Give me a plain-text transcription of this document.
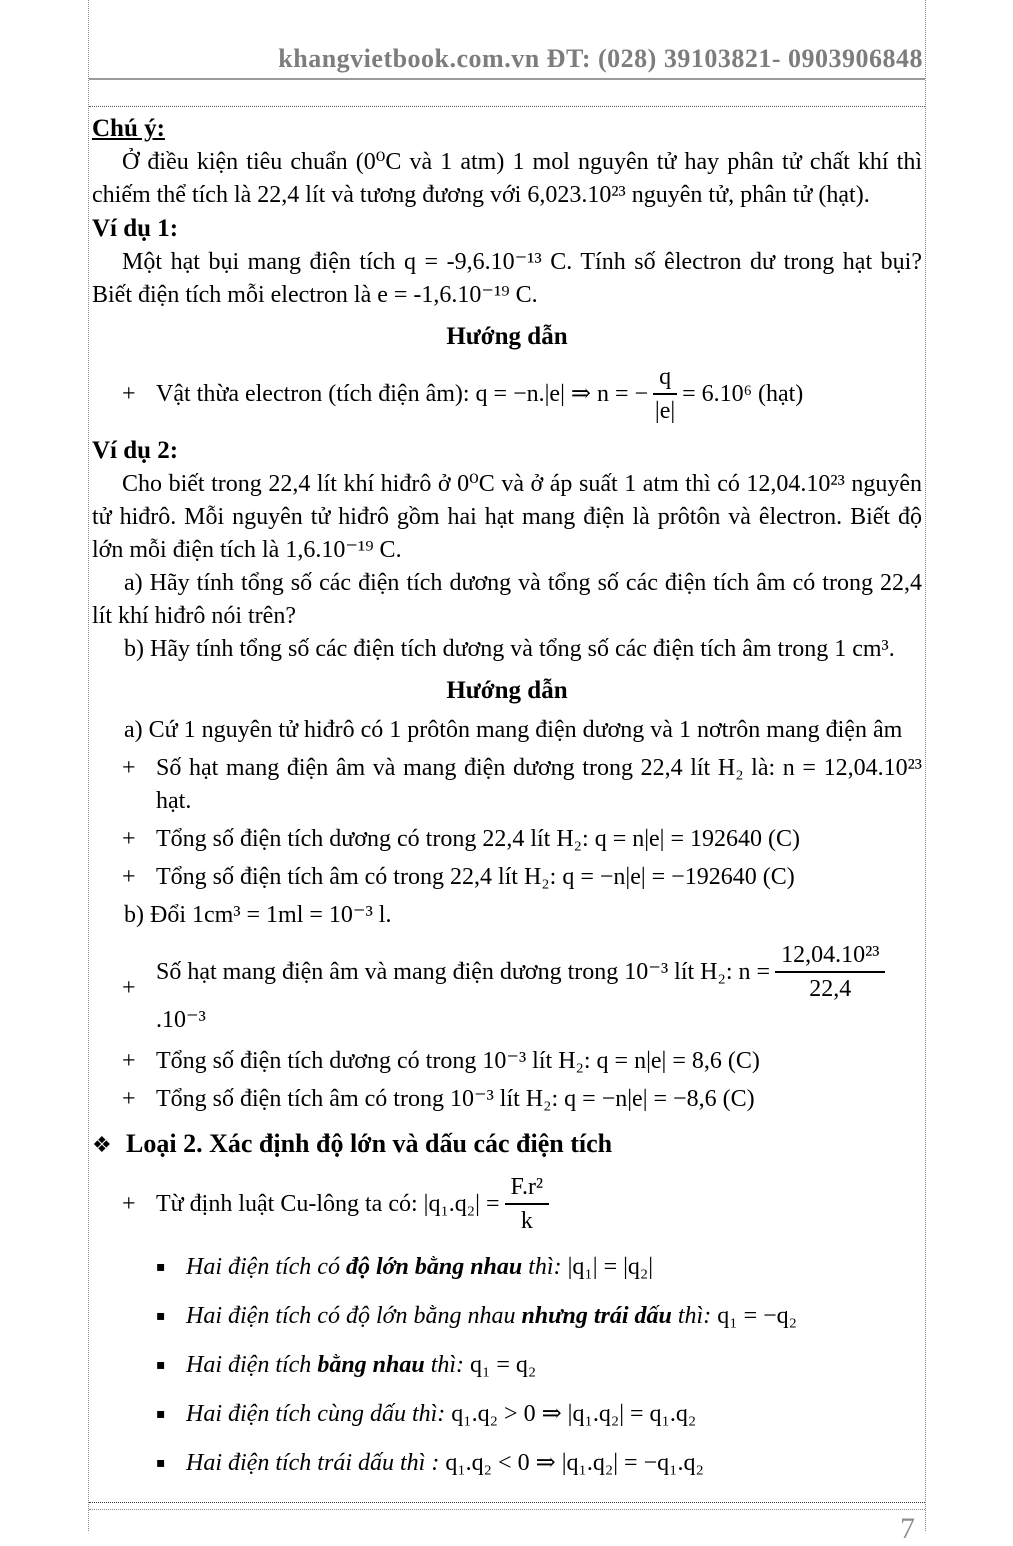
khangvietbook.com.vn ĐT: (028) 39103821- 0903906848
Chú ý:

Ở điều kiện tiêu chuẩn (0⁰C và 1 atm) 1 mol nguyên tử hay phân tử chất khí thì chiếm thể tích là 22,4 lít và tương đương với 6,023.10²³ nguyên tử, phân tử (hạt).

Ví dụ 1:

Một hạt bụi mang điện tích q = -9,6.10⁻¹³ C. Tính số êlectron dư trong hạt bụi? Biết điện tích mỗi electron là e = -1,6.10⁻¹⁹ C.

Hướng dẫn
+ Vật thừa electron (tích điện âm): q = −n.|e| ⇒ n = − $\frac{q}{|e|} = 6.10^6$ (hạt)
Ví dụ 2:

Cho biết trong 22,4 lít khí hiđrô ở 0⁰C và ở áp suất 1 atm thì có 12,04.10²³ nguyên tử hiđrô. Mỗi nguyên tử hiđrô gồm hai hạt mang điện là prôtôn và êlectron. Biết độ lớn mỗi điện tích là 1,6.10⁻¹⁹ C.

a) Hãy tính tổng số các điện tích dương và tổng số các điện tích âm có trong 22,4 lít khí hiđrô nói trên?

b) Hãy tính tổng số các điện tích dương và tổng số các điện tích âm trong 1 cm³.

Hướng dẫn

a) Cứ 1 nguyên tử hiđrô có 1 prôtôn mang điện dương và 1 nơtrôn mang điện âm

+ Số hạt mang điện âm và mang điện dương trong 22,4 lít H₂ là: n = 12,04.10²³ hạt.
+ Tổng số điện tích dương có trong 22,4 lít H₂: q = n|e| = 192640 (C)
+ Tổng số điện tích âm có trong 22,4 lít H₂: q = −n|e| = −192640 (C)

b) Đổi 1cm³ = 1ml = 10⁻³ l.

+
Số hạt mang điện âm và mang điện dương trong 10⁻³ lít H₂: $n = \frac{\text{12,04.10²³}}{22,4}$
.10⁻³
+ Tổng số điện tích dương có trong 10⁻³ lít H₂: q = n|e| = 8,6 (C)
+ Tổng số điện tích âm có trong 10⁻³ lít H₂: q = −n|e| = −8,6 (C)
❖ Loại 2. Xác định độ lớn và dấu các điện tích
+ Từ định luật Cu-lông ta có: $|q_1.q_2| = \frac{\text{F.r²}}{k}$
▪ Hai điện tích có độ lớn bằng nhau thì: |q₁| = |q₂|
▪ Hai điện tích có độ lớn bằng nhau nhưng trái dấu thì: q₁ = −q₂
▪ Hai điện tích bằng nhau thì: q₁ = q₂
▪ Hai điện tích cùng dấu thì: q₁.q₂ > 0 ⇒ |q₁.q₂| = q₁.q₂
▪ Hai điện tích trái dấu thì : q₁.q₂ < 0 ⇒ |q₁.q₂| = −q₁.q₂
7
